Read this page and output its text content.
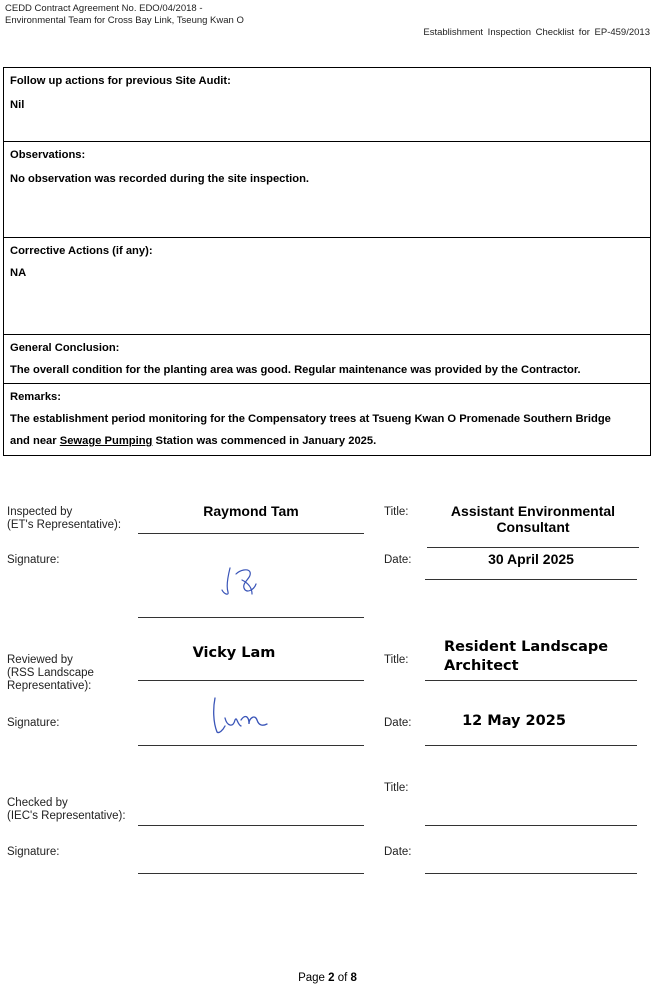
CEDD Contract Agreement No. EDO/04/2018 -
Environmental Team for Cross Bay Link, Tseung Kwan O
Establishment Inspection Checklist for EP-459/2013
Follow up actions for previous Site Audit:
Nil
Observations:
No observation was recorded during the site inspection.
Corrective Actions (if any):
NA
General Conclusion:
The overall condition for the planting area was good. Regular maintenance was provided by the Contractor.
Remarks:
The establishment period monitoring for the Compensatory trees at Tsueng Kwan O Promenade Southern Bridge
and near Sewage Pumping Station was commenced in January 2025.
Inspected by
(ET's Representative):
Raymond Tam	Title:	Assistant Environmental
Consultant
Signature:	Date:	30 April 2025
Reviewed by
(RSS Landscape
Representative):
Vicky Lam	Title:
Resident Landscape
Architect
Signature:	Date:	12 May 2025
Title:
Checked by
(IEC's Representative):
Signature:	Date:
Page 2 of 8
